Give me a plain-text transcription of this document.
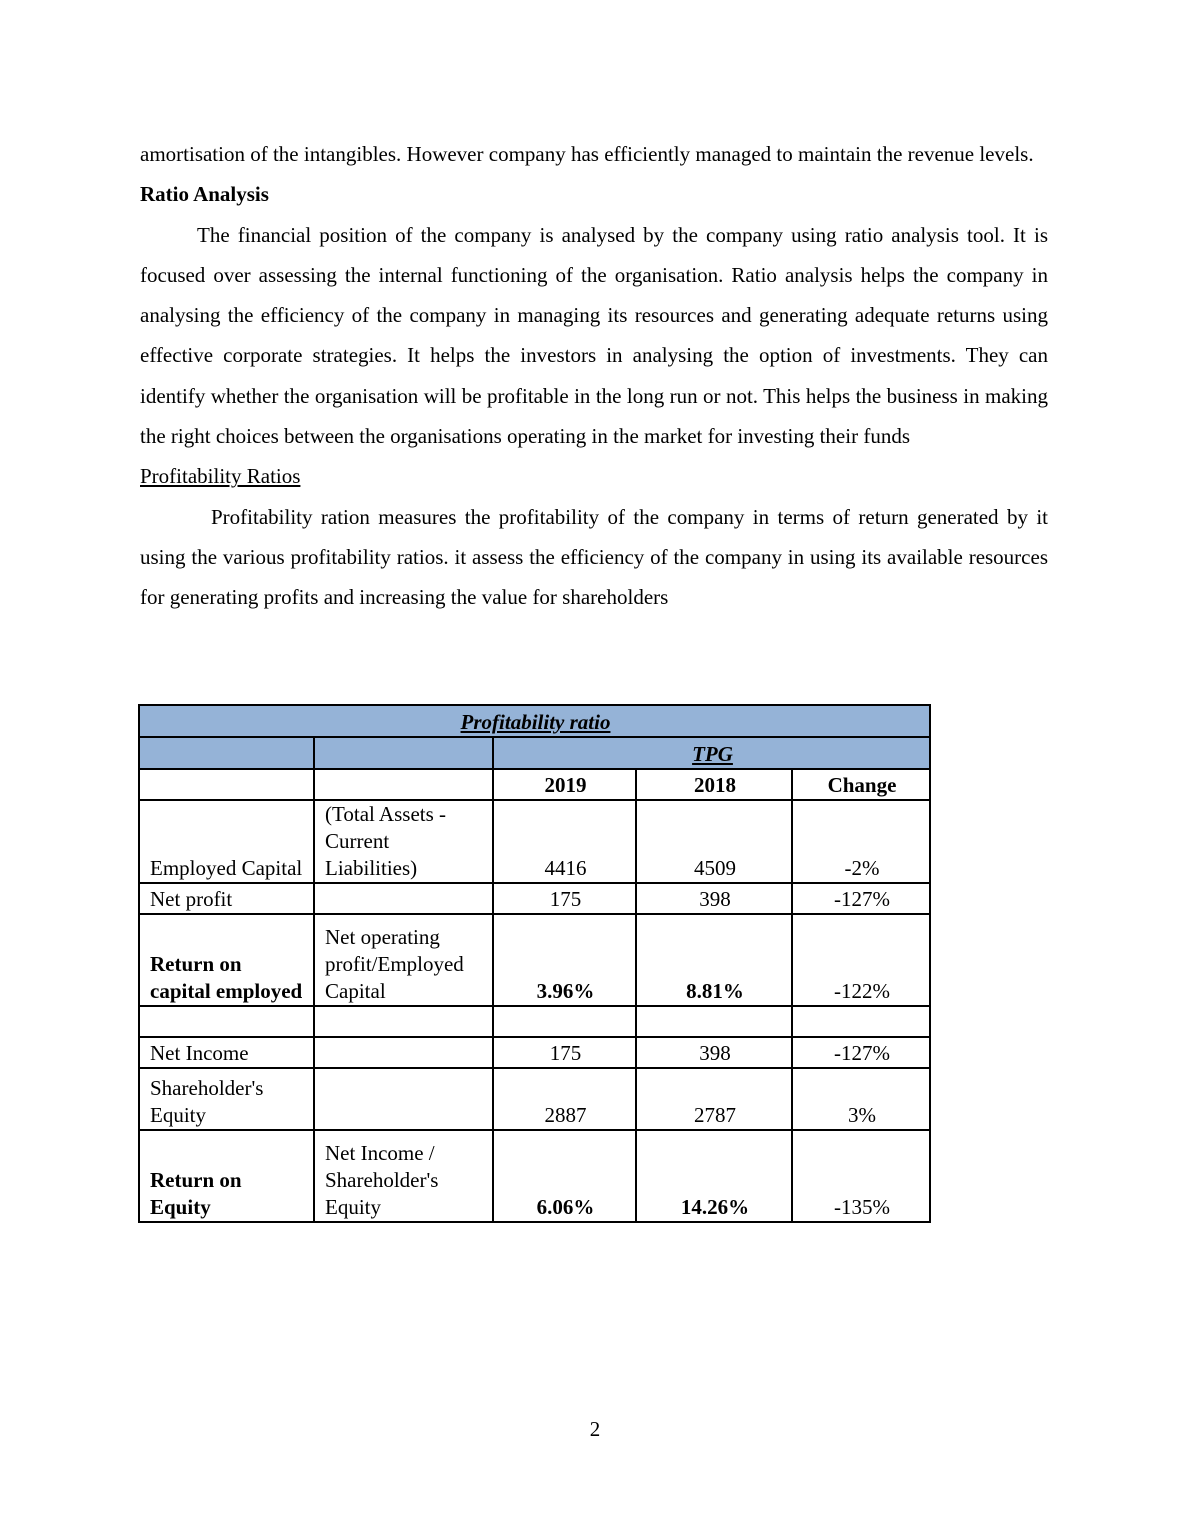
amortisation of the intangibles. However company has efficiently managed to maintain the revenue levels.

Ratio Analysis

The financial position of the company is analysed by the company using ratio analysis tool. It is focused over assessing the internal functioning of the organisation. Ratio analysis helps the company in analysing the efficiency of the company in managing its resources and generating adequate returns using effective corporate strategies. It helps the investors in analysing the option of investments. They can identify whether the organisation will be profitable in the long run or not. This helps the business in making the right choices between the organisations operating in the market for investing their funds

Profitability Ratios

Profitability ration measures the profitability of the company in terms of return generated by it using the various profitability ratios. it assess the efficiency of the company in using its available resources for generating profits and increasing the value for shareholders

Profitability ratio				
		TPG		
		2019	2018	Change
Employed Capital	(Total Assets - Current Liabilities)	4416	4509	-2%
Net profit		175	398	-127%
Return on capital employed	Net operating profit/Employed Capital	3.96%	8.81%	-122%

Net Income		175	398	-127%
Shareholder's Equity		2887	2787	3%
Return on Equity	Net Income / Shareholder's Equity	6.06%	14.26%	-135%
2
